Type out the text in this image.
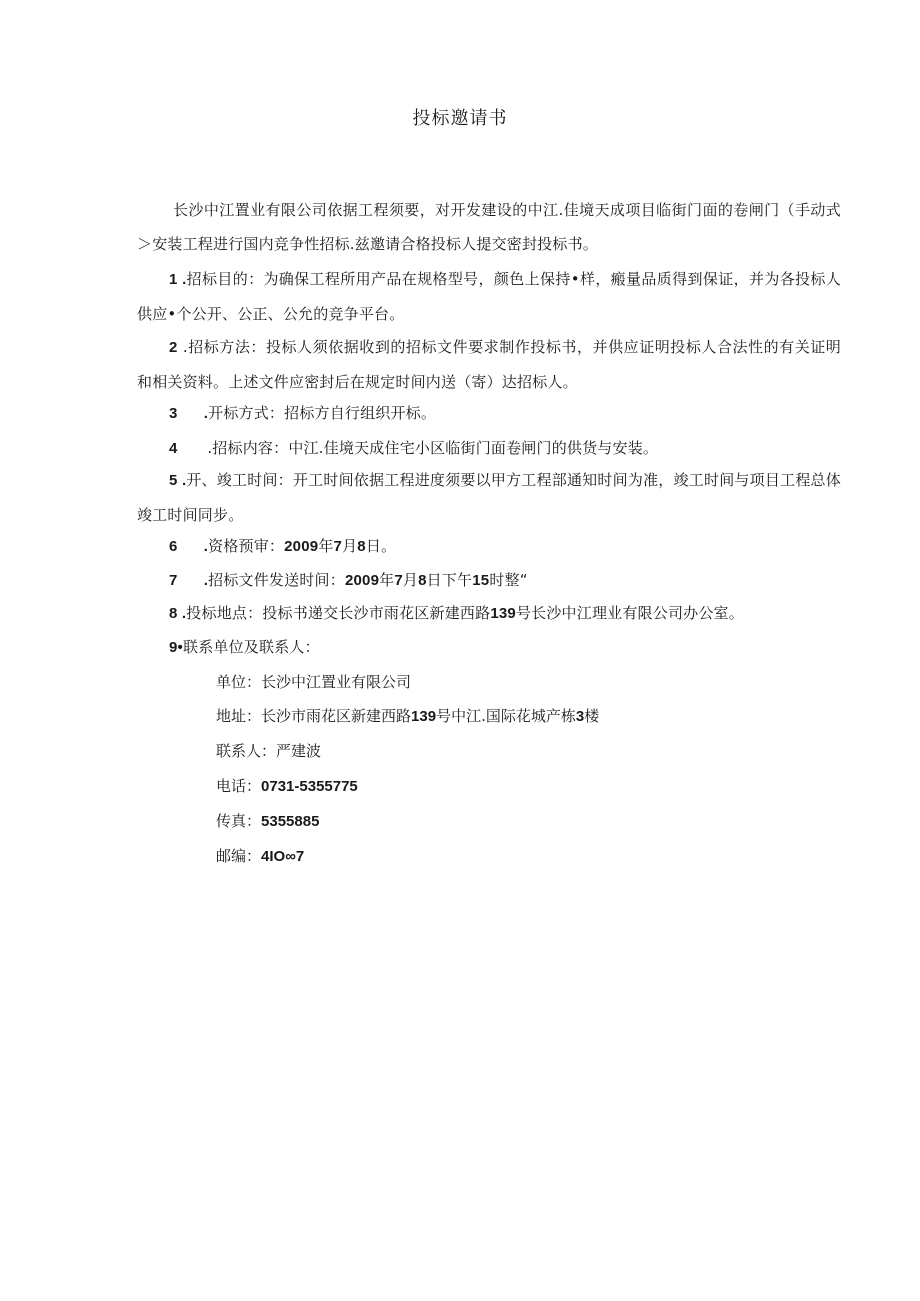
投标邀请书
长沙中江置业有限公司依据工程须要，对开发建设的中江.佳境天成项目临街门面的卷闸门（手动式＞安装工程进行国内竞争性招标.兹邀请合格投标人提交密封投标书。
1 .招标目的：为确保工程所用产品在规格型号，颜色上保持•样，瘢量品质得到保证，并为各投标人供应•个公开、公正、公允的竞争平台。
2 .招标方法：投标人须依据收到的招标文件要求制作投标书，并供应证明投标人合法性的有关证明和相关资料。上述文件应密封后在规定时间内送（寄）达招标人。
3      .开标方式：招标方自行组织开标。
4      .招标内容：中江.佳境天成住宅小区临街门面卷闸门的供货与安装。
5 .开、竣工时间：开工时间依据工程进度须要以甲方工程部通知时间为准，竣工时间与项目工程总体竣工时间同步。
6      .资格预审：2009年7月8日。
7      .招标文件发送时间：2009年7月8日下午15时整“
8 .投标地点：投标书递交长沙市雨花区新建西路139号长沙中江理业有限公司办公室。
9•联系单位及联系人：
单位：长沙中江置业有限公司
地址：长沙市雨花区新建西路139号中江.国际花城产栋3楼
联系人：严建波
电话：0731-5355775
传真：5355885
邮编：4IO∞7
